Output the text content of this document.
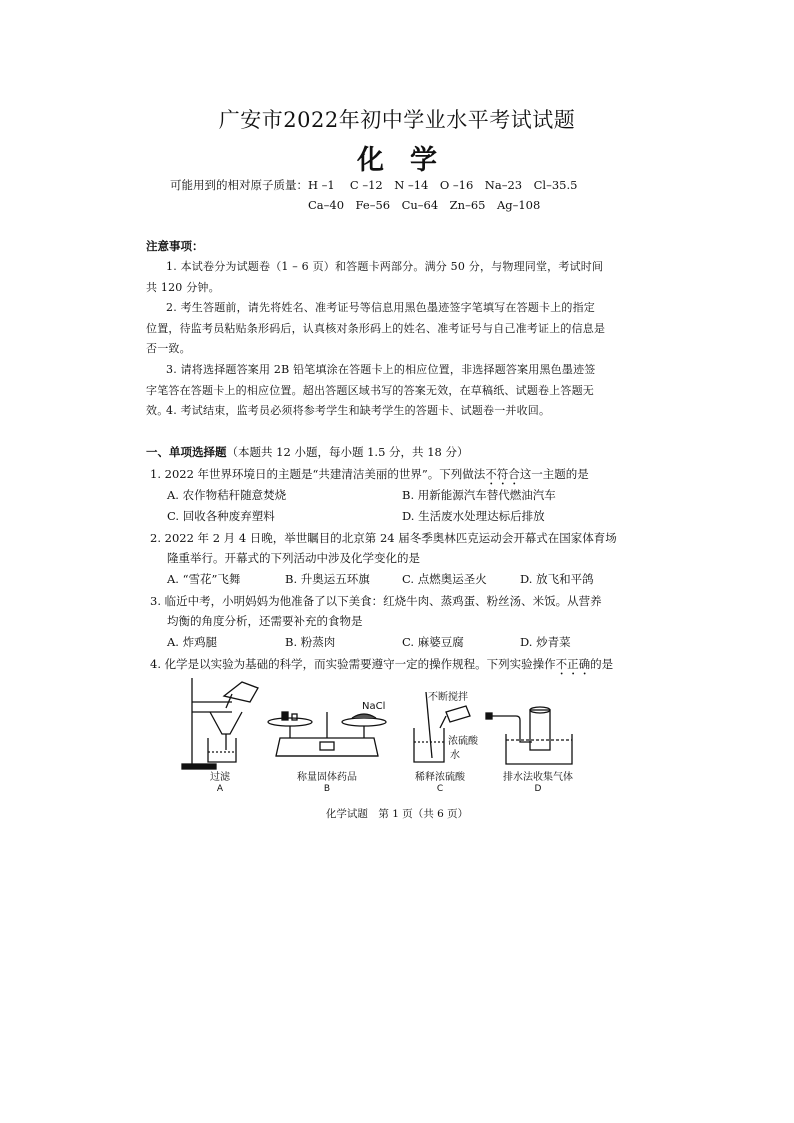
广安市2022年初中学业水平考试试题
化学
可能用到的相对原子质量：H –1　 C –12　N –14　O –16　Na–23　Cl–35.5
Ca–40　Fe–56　Cu–64　Zn–65　Ag–108
注意事项：
1. 本试卷分为试题卷（1 – 6 页）和答题卡两部分。满分 50 分，与物理同堂，考试时间共 120 分钟。
2. 考生答题前，请先将姓名、准考证号等信息用黑色墨迹签字笔填写在答题卡上的指定位置，待监考员粘贴条形码后，认真核对条形码上的姓名、准考证号与自己准考证上的信息是否一致。
3. 请将选择题答案用 2B 铅笔填涂在答题卡上的相应位置，非选择题答案用黑色墨迹签字笔答在答题卡上的相应位置。超出答题区域书写的答案无效，在草稿纸、试题卷上答题无效。
4. 考试结束，监考员必须将参考学生和缺考学生的答题卡、试题卷一并收回。
一、单项选择题（本题共 12 小题，每小题 1.5 分，共 18 分）
1. 2022 年世界环境日的主题是“共建清洁美丽的世界”。下列做法不符合这一主题的是
A. 农作物秸秆随意焚烧	B. 用新能源汽车替代燃油汽车
C. 回收各种废弃塑料	D. 生活废水处理达标后排放
2. 2022 年 2 月 4 日晚，举世瞩目的北京第 24 届冬季奥林匹克运动会开幕式在国家体育场
隆重举行。开幕式的下列活动中涉及化学变化的是
A. “雪花”飞舞	B. 升奥运五环旗	C. 点燃奥运圣火	D. 放飞和平鸽
3. 临近中考，小明妈妈为他准备了以下美食：红烧牛肉、蒸鸡蛋、粉丝汤、米饭。从营养
均衡的角度分析，还需要补充的食物是
A. 炸鸡腿	B. 粉蒸肉	C. 麻婆豆腐	D. 炒青菜
4. 化学是以实验为基础的科学，而实验需要遵守一定的操作规程。下列实验操作不正确的是
NaCl
不断搅拌
浓硫酸
水
过滤
A
称量固体药品
B
稀释浓硫酸
C
排水法收集气体
D
化学试题　第 1 页（共 6 页）
